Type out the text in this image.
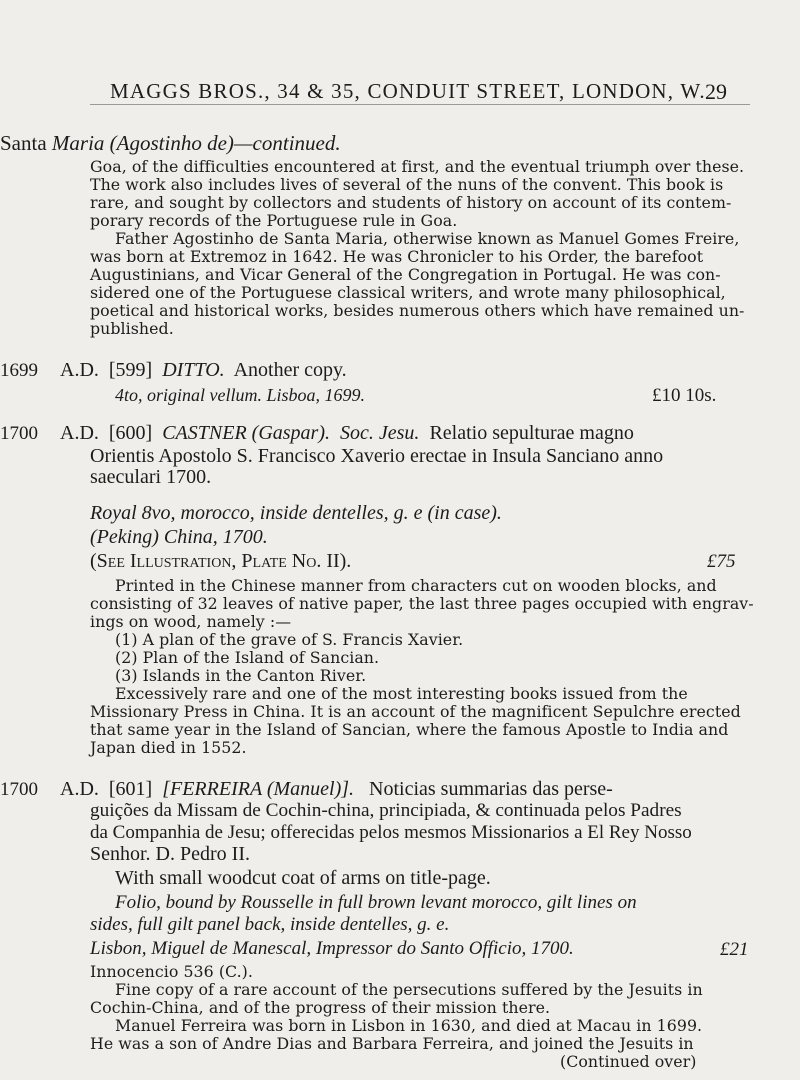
MAGGS BROS., 34 & 35, CONDUIT STREET, LONDON, W. 29
Santa Maria (Agostinho de)—continued.
Goa, of the difficulties encountered at first, and the eventual triumph over these.
The work also includes lives of several of the nuns of the convent. This book is
rare, and sought by collectors and students of history on account of its contem-
porary records of the Portuguese rule in Goa.
Father Agostinho de Santa Maria, otherwise known as Manuel Gomes Freire,
was born at Extremoz in 1642. He was Chronicler to his Order, the barefoot
Augustinians, and Vicar General of the Congregation in Portugal. He was con-
sidered one of the Portuguese classical writers, and wrote many philosophical,
poetical and historical works, besides numerous others which have remained un-
published.
1699 A.D. [599] DITTO. Another copy.
4to, original vellum. Lisboa, 1699.	£10 10s.
1700 A.D. [600] CASTNER (Gaspar). Soc. Jesu. Relatio sepulturae magno
Orientis Apostolo S. Francisco Xaverio erectae in Insula Sanciano anno
saeculari 1700.
Royal 8vo, morocco, inside dentelles, g. e (in case).
(Peking) China, 1700.
(See Illustration, Plate No. II).	£75
Printed in the Chinese manner from characters cut on wooden blocks, and
consisting of 32 leaves of native paper, the last three pages occupied with engrav-
ings on wood, namely :—
(1) A plan of the grave of S. Francis Xavier.
(2) Plan of the Island of Sancian.
(3) Islands in the Canton River.
Excessively rare and one of the most interesting books issued from the
Missionary Press in China. It is an account of the magnificent Sepulchre erected
that same year in the Island of Sancian, where the famous Apostle to India and
Japan died in 1552.
1700 A.D. [601] [FERREIRA (Manuel)]. Noticias summarias das perse-
guições da Missam de Cochin-china, principiada, & continuada pelos Padres
da Companhia de Jesu; offerecidas pelos mesmos Missionarios a El Rey Nosso
Senhor. D. Pedro II.
With small woodcut coat of arms on title-page.
Folio, bound by Rousselle in full brown levant morocco, gilt lines on
sides, full gilt panel back, inside dentelles, g. e.
Lisbon, Miguel de Manescal, Impressor do Santo Officio, 1700.	£21
Innocencio 536 (C.).
Fine copy of a rare account of the persecutions suffered by the Jesuits in
Cochin-China, and of the progress of their mission there.
Manuel Ferreira was born in Lisbon in 1630, and died at Macau in 1699.
He was a son of Andre Dias and Barbara Ferreira, and joined the Jesuits in
(Continued over)
